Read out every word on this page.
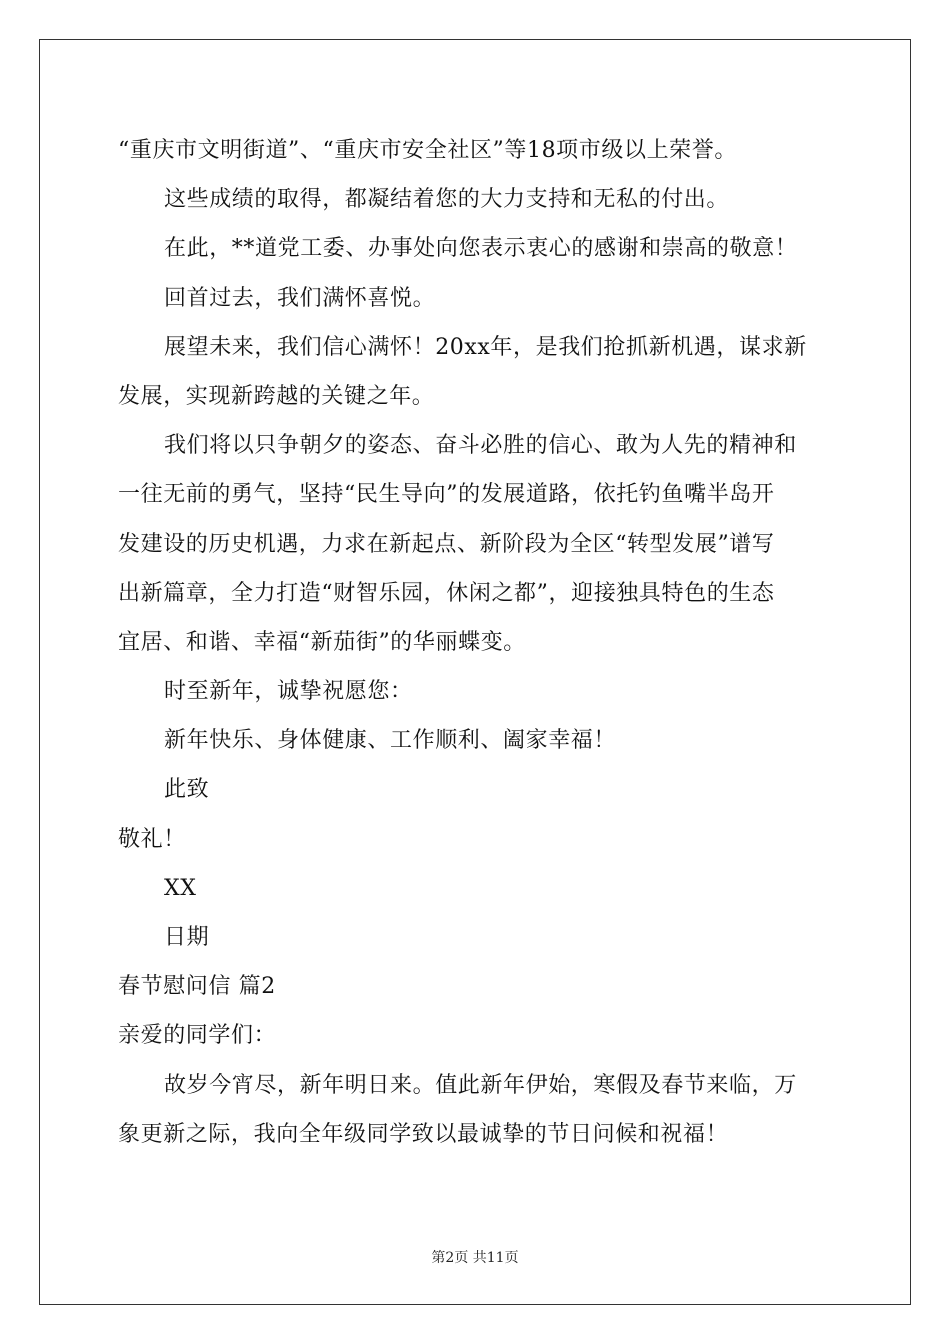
“重庆市文明街道”、“重庆市安全社区”等18项市级以上荣誉。
这些成绩的取得，都凝结着您的大力支持和无私的付出。
在此，**道党工委、办事处向您表示衷心的感谢和崇高的敬意！
回首过去，我们满怀喜悦。
展望未来，我们信心满怀！20xx年，是我们抢抓新机遇，谋求新
发展，实现新跨越的关键之年。
我们将以只争朝夕的姿态、奋斗必胜的信心、敢为人先的精神和
一往无前的勇气，坚持“民生导向”的发展道路，依托钓鱼嘴半岛开
发建设的历史机遇，力求在新起点、新阶段为全区“转型发展”谱写
出新篇章，全力打造“财智乐园，休闲之都”，迎接独具特色的生态
宜居、和谐、幸福“新茄街”的华丽蝶变。
时至新年，诚挚祝愿您：
新年快乐、身体健康、工作顺利、阖家幸福！
此致
敬礼！
XX
日期
春节慰问信 篇2
亲爱的同学们：
故岁今宵尽，新年明日来。值此新年伊始，寒假及春节来临，万
象更新之际，我向全年级同学致以最诚挚的节日问候和祝福！
第2页 共11页
